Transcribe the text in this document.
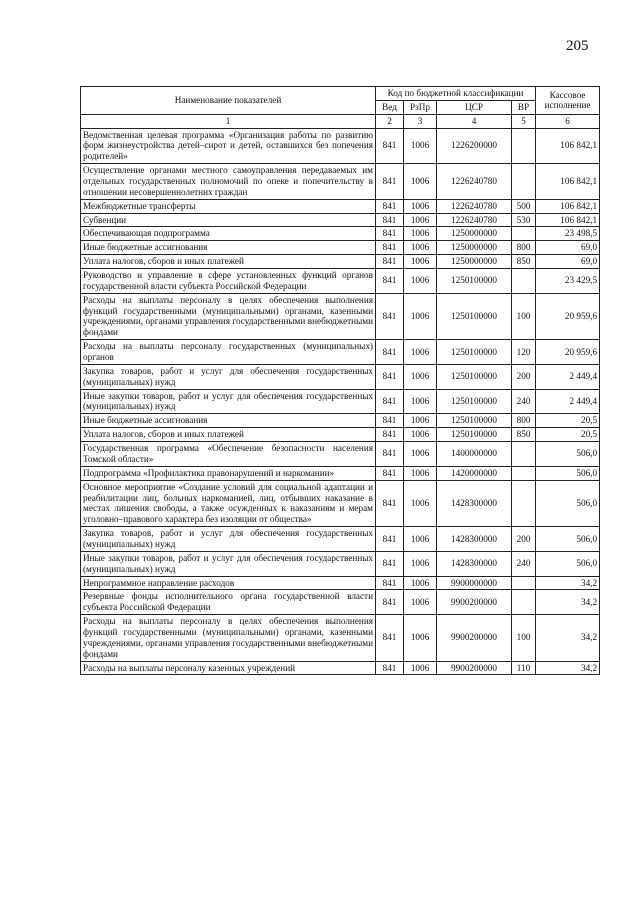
205
Наименование показателей	Код по бюджетной классификации				Кассовое исполнение
	Вед	РзПр	ЦСР	ВР	
1	2	3	4	5	6
Ведомственная целевая программа «Организация работы по развитию форм жизнеустройства детей–сирот и детей, оставшихся без попечения родителей»	841	1006	1226200000		106 842,1
Осуществление органами местного самоуправления передаваемых им отдельных государственных полномочий по опеке и попечительству в отношении несовершеннолетних граждан	841	1006	1226240780		106 842,1
Межбюджетные трансферты	841	1006	1226240780	500	106 842,1
Субвенции	841	1006	1226240780	530	106 842,1
Обеспечивающая подпрограмма	841	1006	1250000000		23 498,5
Иные бюджетные ассигнования	841	1006	1250000000	800	69,0
Уплата налогов, сборов и иных платежей	841	1006	1250000000	850	69,0
Руководство и управление в сфере установленных функций органов государственной власти субъекта Российской Федерации	841	1006	1250100000		23 429,5
Расходы на выплаты персоналу в целях обеспечения выполнения функций государственными (муниципальными) органами, казенными учреждениями, органами управления государственными внебюджетными фондами	841	1006	1250100000	100	20 959,6
Расходы на выплаты персоналу государственных (муниципальных) органов	841	1006	1250100000	120	20 959,6
Закупка товаров, работ и услуг для обеспечения государственных (муниципальных) нужд	841	1006	1250100000	200	2 449,4
Иные закупки товаров, работ и услуг для обеспечения государственных (муниципальных) нужд	841	1006	1250100000	240	2 449,4
Иные бюджетные ассигнования	841	1006	1250100000	800	20,5
Уплата налогов, сборов и иных платежей	841	1006	1250100000	850	20,5
Государственная программа «Обеспечение безопасности населения Томской области»	841	1006	1400000000		506,0
Подпрограмма «Профилактика правонарушений и наркомании»	841	1006	1420000000		506,0
Основное мероприятие «Создание условий для социальной адаптации и реабилитации лиц, больных наркоманией, лиц, отбывших наказание в местах лишения свободы, а также осужденных к наказаниям и мерам уголовно–правового характера без изоляции от общества»	841	1006	1428300000		506,0
Закупка товаров, работ и услуг для обеспечения государственных (муниципальных) нужд	841	1006	1428300000	200	506,0
Иные закупки товаров, работ и услуг для обеспечения государственных (муниципальных) нужд	841	1006	1428300000	240	506,0
Непрограммное направление расходов	841	1006	9900000000		34,2
Резервные фонды исполнительного органа государственной власти субъекта Российской Федерации	841	1006	9900200000		34,2
Расходы на выплаты персоналу в целях обеспечения выполнения функций государственными (муниципальными) органами, казенными учреждениями, органами управления государственными внебюджетными фондами	841	1006	9900200000	100	34,2
Расходы на выплаты персоналу казенных учреждений	841	1006	9900200000	110	34,2
